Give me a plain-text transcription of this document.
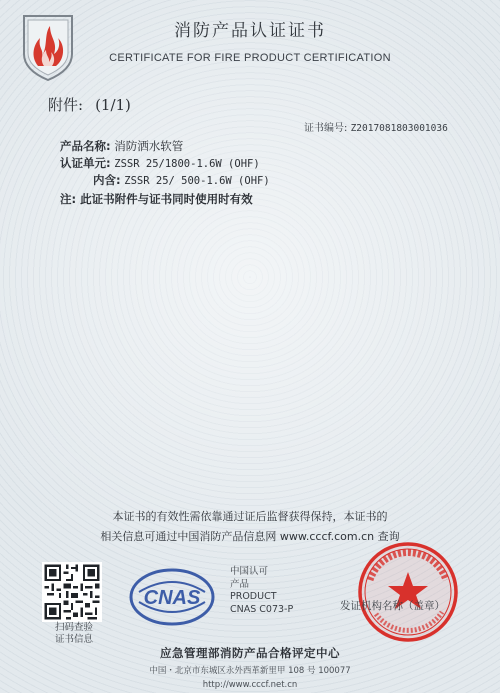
消防产品认证证书
CERTIFICATE FOR FIRE PRODUCT CERTIFICATION
附件: (1/1)
证书编号: Z2017081803001036
产品名称: 消防洒水软管
认证单元: ZSSR 25/1800-1.6W (OHF)
内含: ZSSR 25/ 500-1.6W (OHF)
注: 此证书附件与证书同时使用时有效
本证书的有效性需依靠通过证后监督获得保持，本证书的
相关信息可通过中国消防产品信息网 www.cccf.com.cn 查询
扫码查验
证书信息
CNAS
中国认可
产品
PRODUCT
CNAS C073-P	发证机构名称（盖章）
应急管理部消防产品合格评定中心
中国・北京市东城区永外西革新里甲 108 号 100077
http://www.cccf.net.cn
